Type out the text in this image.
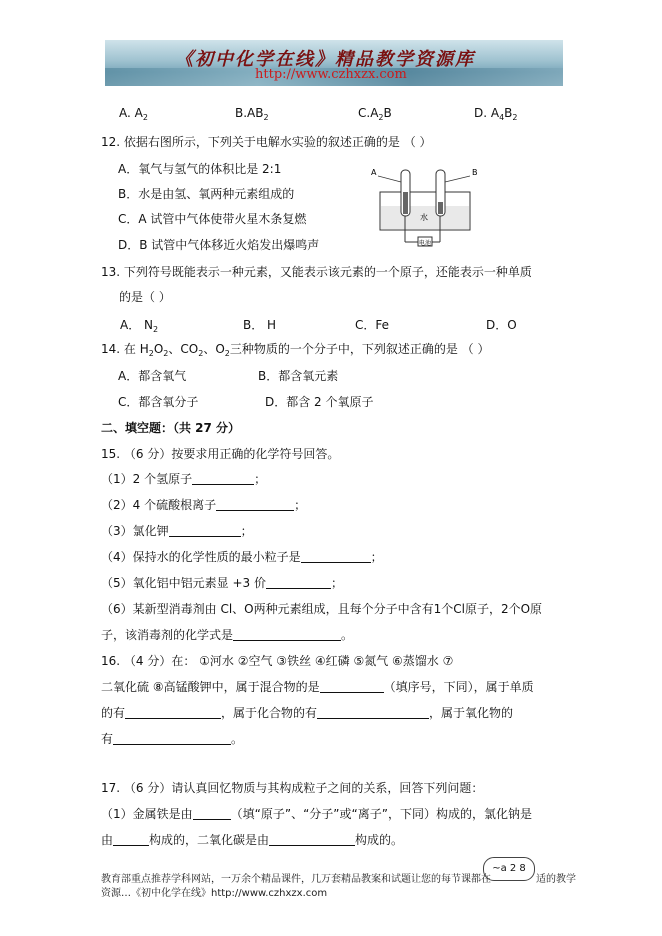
《初中化学在线》精品教学资源库
http://www.czhxzx.com
A. $A_2$	$B.AB_2$	$C.A_2B$	D. $A_4B_2$
12. 依据右图所示，下列关于电解水实验的叙述正确的是 （ ）
A．氧气与氢气的体积比是 2:1
B．水是由氢、氧两种元素组成的
C．A 试管中气体使带火星木条复燃
D．B 试管中气体移近火焰发出爆鸣声
A	B
水
电池
13. 下列符号既能表示一种元素，又能表示该元素的一个原子，还能表示一种单质
的是（ ）
A． $N_2$	B． H	C．Fe	D．O
14. 在 $H_2O_2$、$CO_2$、$O_2$三种物质的一个分子中，下列叙述正确的是 （ ）
A．都含氧气	B．都含氧元素
C．都含氧分子	D．都含 2 个氧原子
二、填空题：（共 27 分）
15. （6 分）按要求用正确的化学符号回答。
（1）2 个氢原子	；
（2）4 个硫酸根离子	；
（3）氯化钾	；
（4）保持水的化学性质的最小粒子是	；
（5）氧化铝中铝元素显 +3 价	；
（6）某新型消毒剂由 Cl、O两种元素组成，且每个分子中含有1个Cl原子，2个O原
子，该消毒剂的化学式是	。
16. （4 分）在： ①河水 ②空气 ③铁丝 ④红磷 ⑤氮气 ⑥蒸馏水 ⑦
二氧化硫 ⑧高锰酸钾中，属于混合物的是	（填序号，下同），属于单质
的有	，属于化合物的有	，属于氧化物的
有	。
17. （6 分）请认真回忆物质与其构成粒子之间的关系，回答下列问题：
（1）金属铁是由	（填“原子”、“分子”或“离子”，下同）构成的，氯化钠是
由	构成的，二氧化碳是由	构成的。
教育部重点推荐学科网站，一万余个精品课件，几万套精品教案和试题让您的每节课都在
~a 2 8
适的教学
资源…《初中化学在线》http://www.czhxzx.com
